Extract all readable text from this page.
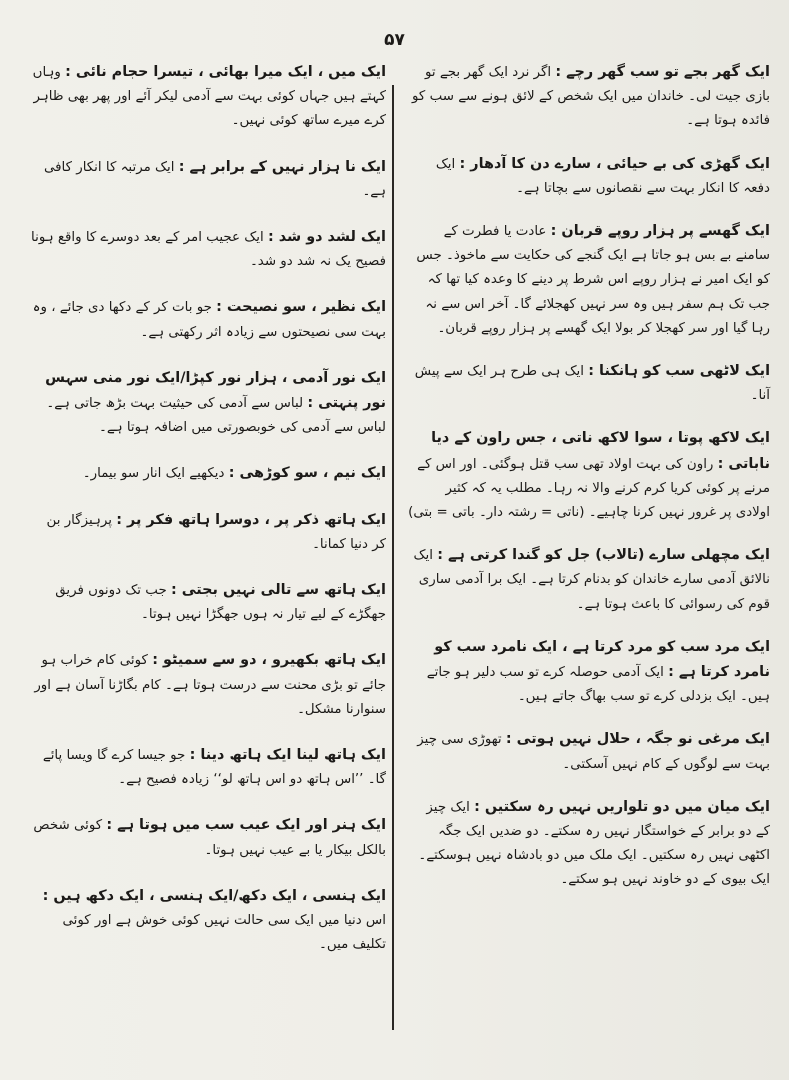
۵۷
ایک گھر بجے تو سب گھر رچے : اگر نرد ایک گھر بجے تو بازی جیت لی۔ خاندان میں ایک شخص کے لائق ہونے سے سب کو فائدہ ہوتا ہے۔
ایک گھڑی کی بے حیائی ، سارے دن کا آدھار : ایک دفعہ کا انکار بہت سے نقصانوں سے بچاتا ہے۔
ایک گھسے پر ہزار روپے قربان : عادت یا فطرت کے سامنے بے بس ہو جاتا ہے ایک گنجے کی حکایت سے ماخوذ۔ جس کو ایک امیر نے ہزار روپے اس شرط پر دینے کا وعدہ کیا تھا کہ جب تک ہم سفر ہیں وہ سر نہیں کھجلائے گا۔ آخر اس سے نہ رہا گیا اور سر کھجلا کر بولا ایک گھسے پر ہزار روپے قربان۔
ایک لاٹھی سب کو ہانکنا : ایک ہی طرح ہر ایک سے پیش آنا۔
ایک لاکھ پوتا ، سوا لاکھ ناتی ، جس راون کے دیا ناباتی : راون کی بہت اولاد تھی سب قتل ہوگئی۔ اور اس کے مرنے پر کوئی کریا کرم کرنے والا نہ رہا۔ مطلب یہ کہ کثیر اولادی پر غرور نہیں کرنا چاہیے۔ (ناتی = رشتہ دار۔ باتی = بتی)
ایک مچھلی سارے (تالاب) جل کو گندا کرتی ہے : ایک نالائق آدمی سارے خاندان کو بدنام کرتا ہے۔ ایک برا آدمی ساری قوم کی رسوائی کا باعث ہوتا ہے۔
ایک مرد سب کو مرد کرتا ہے ، ایک نامرد سب کو نامرد کرتا ہے : ایک آدمی حوصلہ کرے تو سب دلیر ہو جاتے ہیں۔ ایک بزدلی کرے تو سب بھاگ جاتے ہیں۔
ایک مرغی نو جگہ ، حلال نہیں ہوتی : تھوڑی سی چیز بہت سے لوگوں کے کام نہیں آسکتی۔
ایک میان میں دو تلواریں نہیں رہ سکتیں : ایک چیز کے دو برابر کے خواستگار نہیں رہ سکتے۔ دو ضدیں ایک جگہ اکٹھی نہیں رہ سکتیں۔ ایک ملک میں دو بادشاہ نہیں ہوسکتے۔ ایک بیوی کے دو خاوند نہیں ہو سکتے۔
ایک میں ، ایک میرا بھائی ، تیسرا حجام نائی : وہاں کہتے ہیں جہاں کوئی بہت سے آدمی لیکر آئے اور پھر بھی ظاہر کرے میرے ساتھ کوئی نہیں۔
ایک نا ہزار نہیں کے برابر ہے : ایک مرتبہ کا انکار کافی ہے۔
ایک لشد دو شد : ایک عجیب امر کے بعد دوسرے کا واقع ہونا فصیح یک نہ شد دو شد۔
ایک نظیر ، سو نصیحت : جو بات کر کے دکھا دی جائے ، وہ بہت سی نصیحتوں سے زیادہ اثر رکھتی ہے۔
ایک نور آدمی ، ہزار نور کپڑا/ایک نور منی سہس نور پنہتی : لباس سے آدمی کی حیثیت بہت بڑھ جاتی ہے۔ لباس سے آدمی کی خوبصورتی میں اضافہ ہوتا ہے۔
ایک نیم ، سو کوڑھی : دیکھیے ایک انار سو بیمار۔
ایک ہاتھ ذکر پر ، دوسرا ہاتھ فکر پر : پرہیزگار بن کر دنیا کمانا۔
ایک ہاتھ سے تالی نہیں بجتی : جب تک دونوں فریق جھگڑے کے لیے تیار نہ ہوں جھگڑا نہیں ہوتا۔
ایک ہاتھ بکھیرو ، دو سے سمیٹو : کوئی کام خراب ہو جائے تو بڑی محنت سے درست ہوتا ہے۔ کام بگاڑنا آسان ہے اور سنوارنا مشکل۔
ایک ہاتھ لینا ایک ہاتھ دینا : جو جیسا کرے گا ویسا پائے گا۔ ’’اس ہاتھ دو اس ہاتھ لو‘‘ زیادہ فصیح ہے۔
ایک ہنر اور ایک عیب سب میں ہوتا ہے : کوئی شخص بالکل بیکار یا بے عیب نہیں ہوتا۔
ایک ہنسی ، ایک دکھ/ایک ہنسی ، ایک دکھ ہیں : اس دنیا میں ایک سی حالت نہیں کوئی خوش ہے اور کوئی تکلیف میں۔
